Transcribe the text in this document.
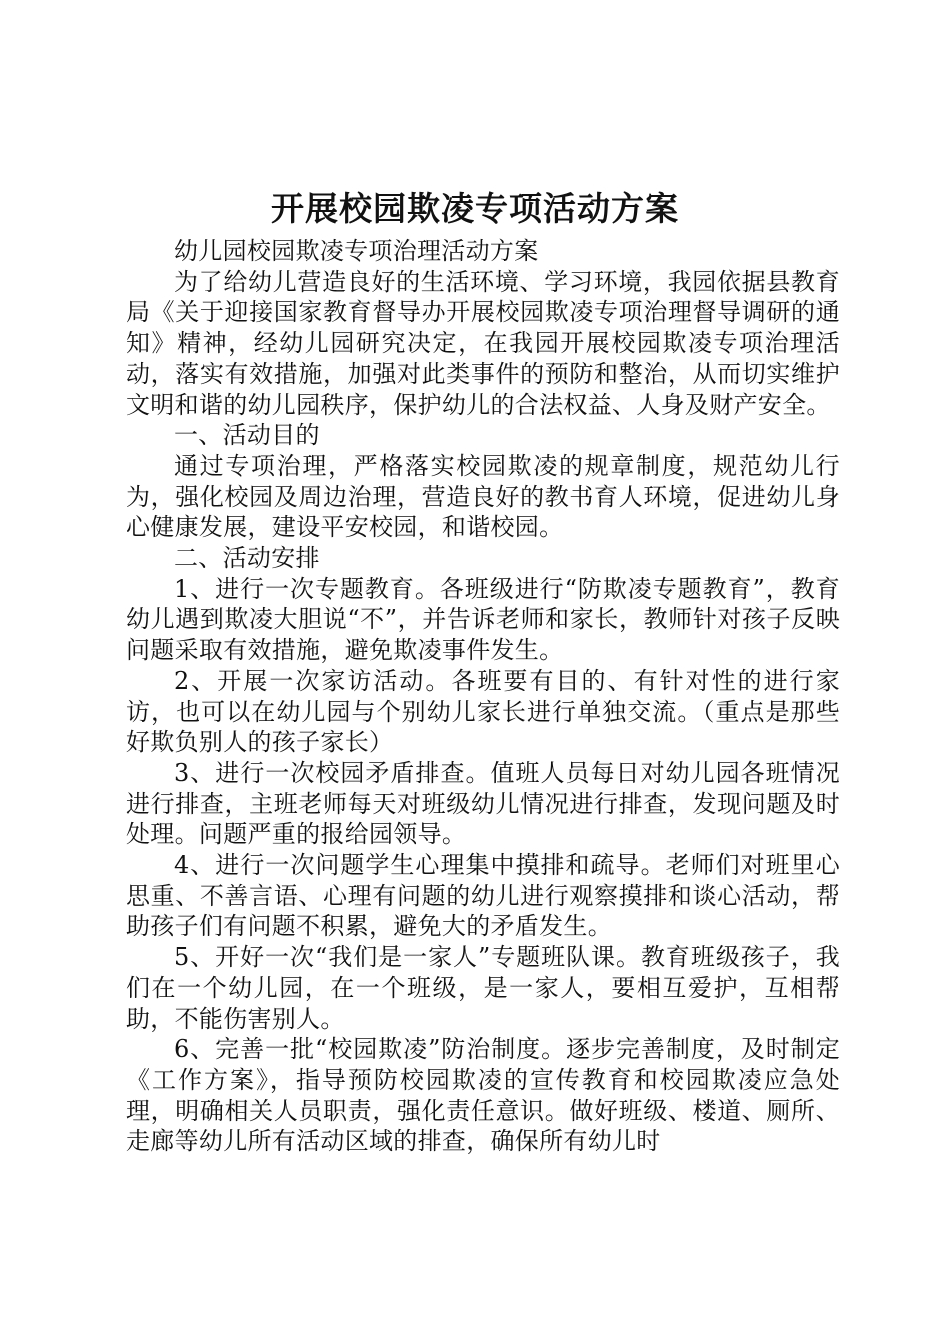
开展校园欺凌专项活动方案

幼儿园校园欺凌专项治理活动方案

为了给幼儿营造良好的生活环境、学习环境，我园依据县教育局《关于迎接国家教育督导办开展校园欺凌专项治理督导调研的通知》精神，经幼儿园研究决定，在我园开展校园欺凌专项治理活动，落实有效措施，加强对此类事件的预防和整治，从而切实维护文明和谐的幼儿园秩序，保护幼儿的合法权益、人身及财产安全。

一、活动目的

通过专项治理，严格落实校园欺凌的规章制度，规范幼儿行为，强化校园及周边治理，营造良好的教书育人环境，促进幼儿身心健康发展，建设平安校园，和谐校园。

二、活动安排

1、进行一次专题教育。各班级进行“防欺凌专题教育”，教育幼儿遇到欺凌大胆说“不”，并告诉老师和家长，教师针对孩子反映问题采取有效措施，避免欺凌事件发生。

2、开展一次家访活动。各班要有目的、有针对性的进行家访，也可以在幼儿园与个别幼儿家长进行单独交流。（重点是那些好欺负别人的孩子家长）

3、进行一次校园矛盾排查。值班人员每日对幼儿园各班情况进行排查，主班老师每天对班级幼儿情况进行排查，发现问题及时处理。问题严重的报给园领导。

4、进行一次问题学生心理集中摸排和疏导。老师们对班里心思重、不善言语、心理有问题的幼儿进行观察摸排和谈心活动，帮助孩子们有问题不积累，避免大的矛盾发生。

5、开好一次“我们是一家人”专题班队课。教育班级孩子，我们在一个幼儿园，在一个班级，是一家人，要相互爱护，互相帮助，不能伤害别人。

6、完善一批“校园欺凌”防治制度。逐步完善制度，及时制定《工作方案》，指导预防校园欺凌的宣传教育和校园欺凌应急处理，明确相关人员职责，强化责任意识。做好班级、楼道、厕所、走廊等幼儿所有活动区域的排查，确保所有幼儿时
